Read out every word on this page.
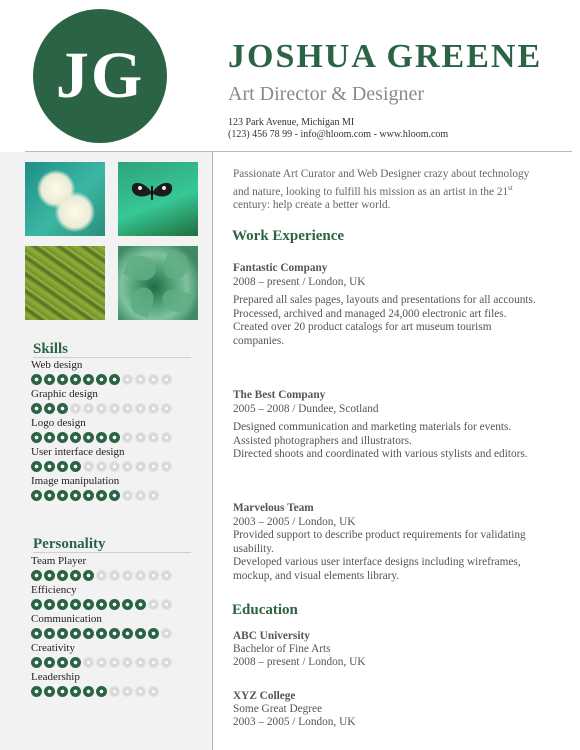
JG JOSHUA GREENE
Art Director & Designer
123 Park Avenue, Michigan MI
(123) 456 78 99 - info@hloom.com - www.hloom.com
Skills
Web design
Graphic design
Logo design
User interface design
Image manipulation
Personality
Team Player
Efficiency
Communication
Creativity
Leadership
Passionate Art Curator and Web Designer crazy about technology and nature, looking to fulfill his mission as an artist in the 21st century: help create a better world.
Work Experience
Fantastic Company
2008 – present / London, UK
Prepared all sales pages, layouts and presentations for all accounts.
Processed, archived and managed 24,000 electronic art files.
Created over 20 product catalogs for art museum tourism companies.
The Best Company
2005 – 2008 / Dundee, Scotland
Designed communication and marketing materials for events.
Assisted photographers and illustrators.
Directed shoots and coordinated with various stylists and editors.
Marvelous Team
2003 – 2005 / London, UK
Provided support to describe product requirements for validating usability.
Developed various user interface designs including wireframes, mockup, and visual elements library.
Education
ABC University
Bachelor of Fine Arts
2008 – present / London, UK
XYZ College
Some Great Degree
2003 – 2005 / London, UK
